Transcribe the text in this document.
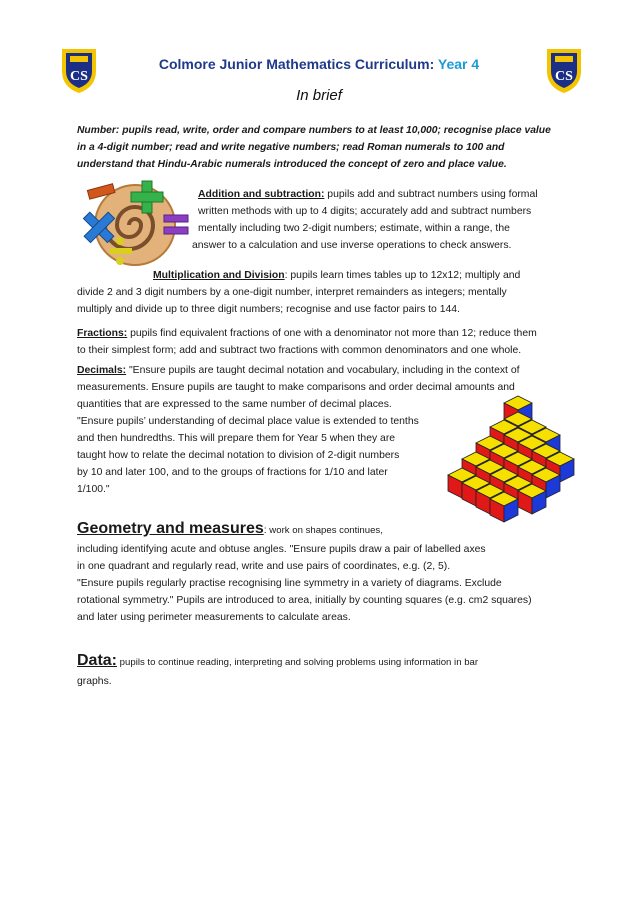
CS	CS
Colmore Junior Mathematics Curriculum: Year 4
In brief
Number: pupils read, write, order and compare numbers to at least 10,000; recognise place value
in a 4-digit number; read and write negative numbers; read Roman numerals to 100 and
understand that Hindu-Arabic numerals introduced the concept of zero and place value.
Addition and subtraction: pupils add and subtract numbers using formal
written methods with up to 4 digits; accurately add and subtract numbers
mentally including two 2-digit numbers; estimate, within a range, the
answer to a calculation and use inverse operations to check answers.
Multiplication and Division: pupils learn times tables up to 12x12; multiply and
divide 2 and 3 digit numbers by a one-digit number, interpret remainders as integers; mentally
multiply and divide up to three digit numbers; recognise and use factor pairs to 144.
Fractions: pupils find equivalent fractions of one with a denominator not more than 12; reduce them
to their simplest form; add and subtract two fractions with common denominators and one whole.
Decimals: "Ensure pupils are taught decimal notation and vocabulary, including in the context of
measurements. Ensure pupils are taught to make comparisons and order decimal amounts and
quantities that are expressed to the same number of decimal places.
"Ensure pupils’ understanding of decimal place value is extended to tenths
and then hundredths. This will prepare them for Year 5 when they are
taught how to relate the decimal notation to division of 2-digit numbers
by 10 and later 100, and to the groups of fractions for 1/10 and later
1/100."
Geometry and measures: work on shapes continues,
including identifying acute and obtuse angles. "Ensure pupils draw a pair of labelled axes
in one quadrant and regularly read, write and use pairs of coordinates, e.g. (2, 5).
"Ensure pupils regularly practise recognising line symmetry in a variety of diagrams. Exclude
rotational symmetry." Pupils are introduced to area, initially by counting squares (e.g. cm2 squares)
and later using perimeter measurements to calculate areas.
Data: pupils to continue reading, interpreting and solving problems using information in bar
graphs.
